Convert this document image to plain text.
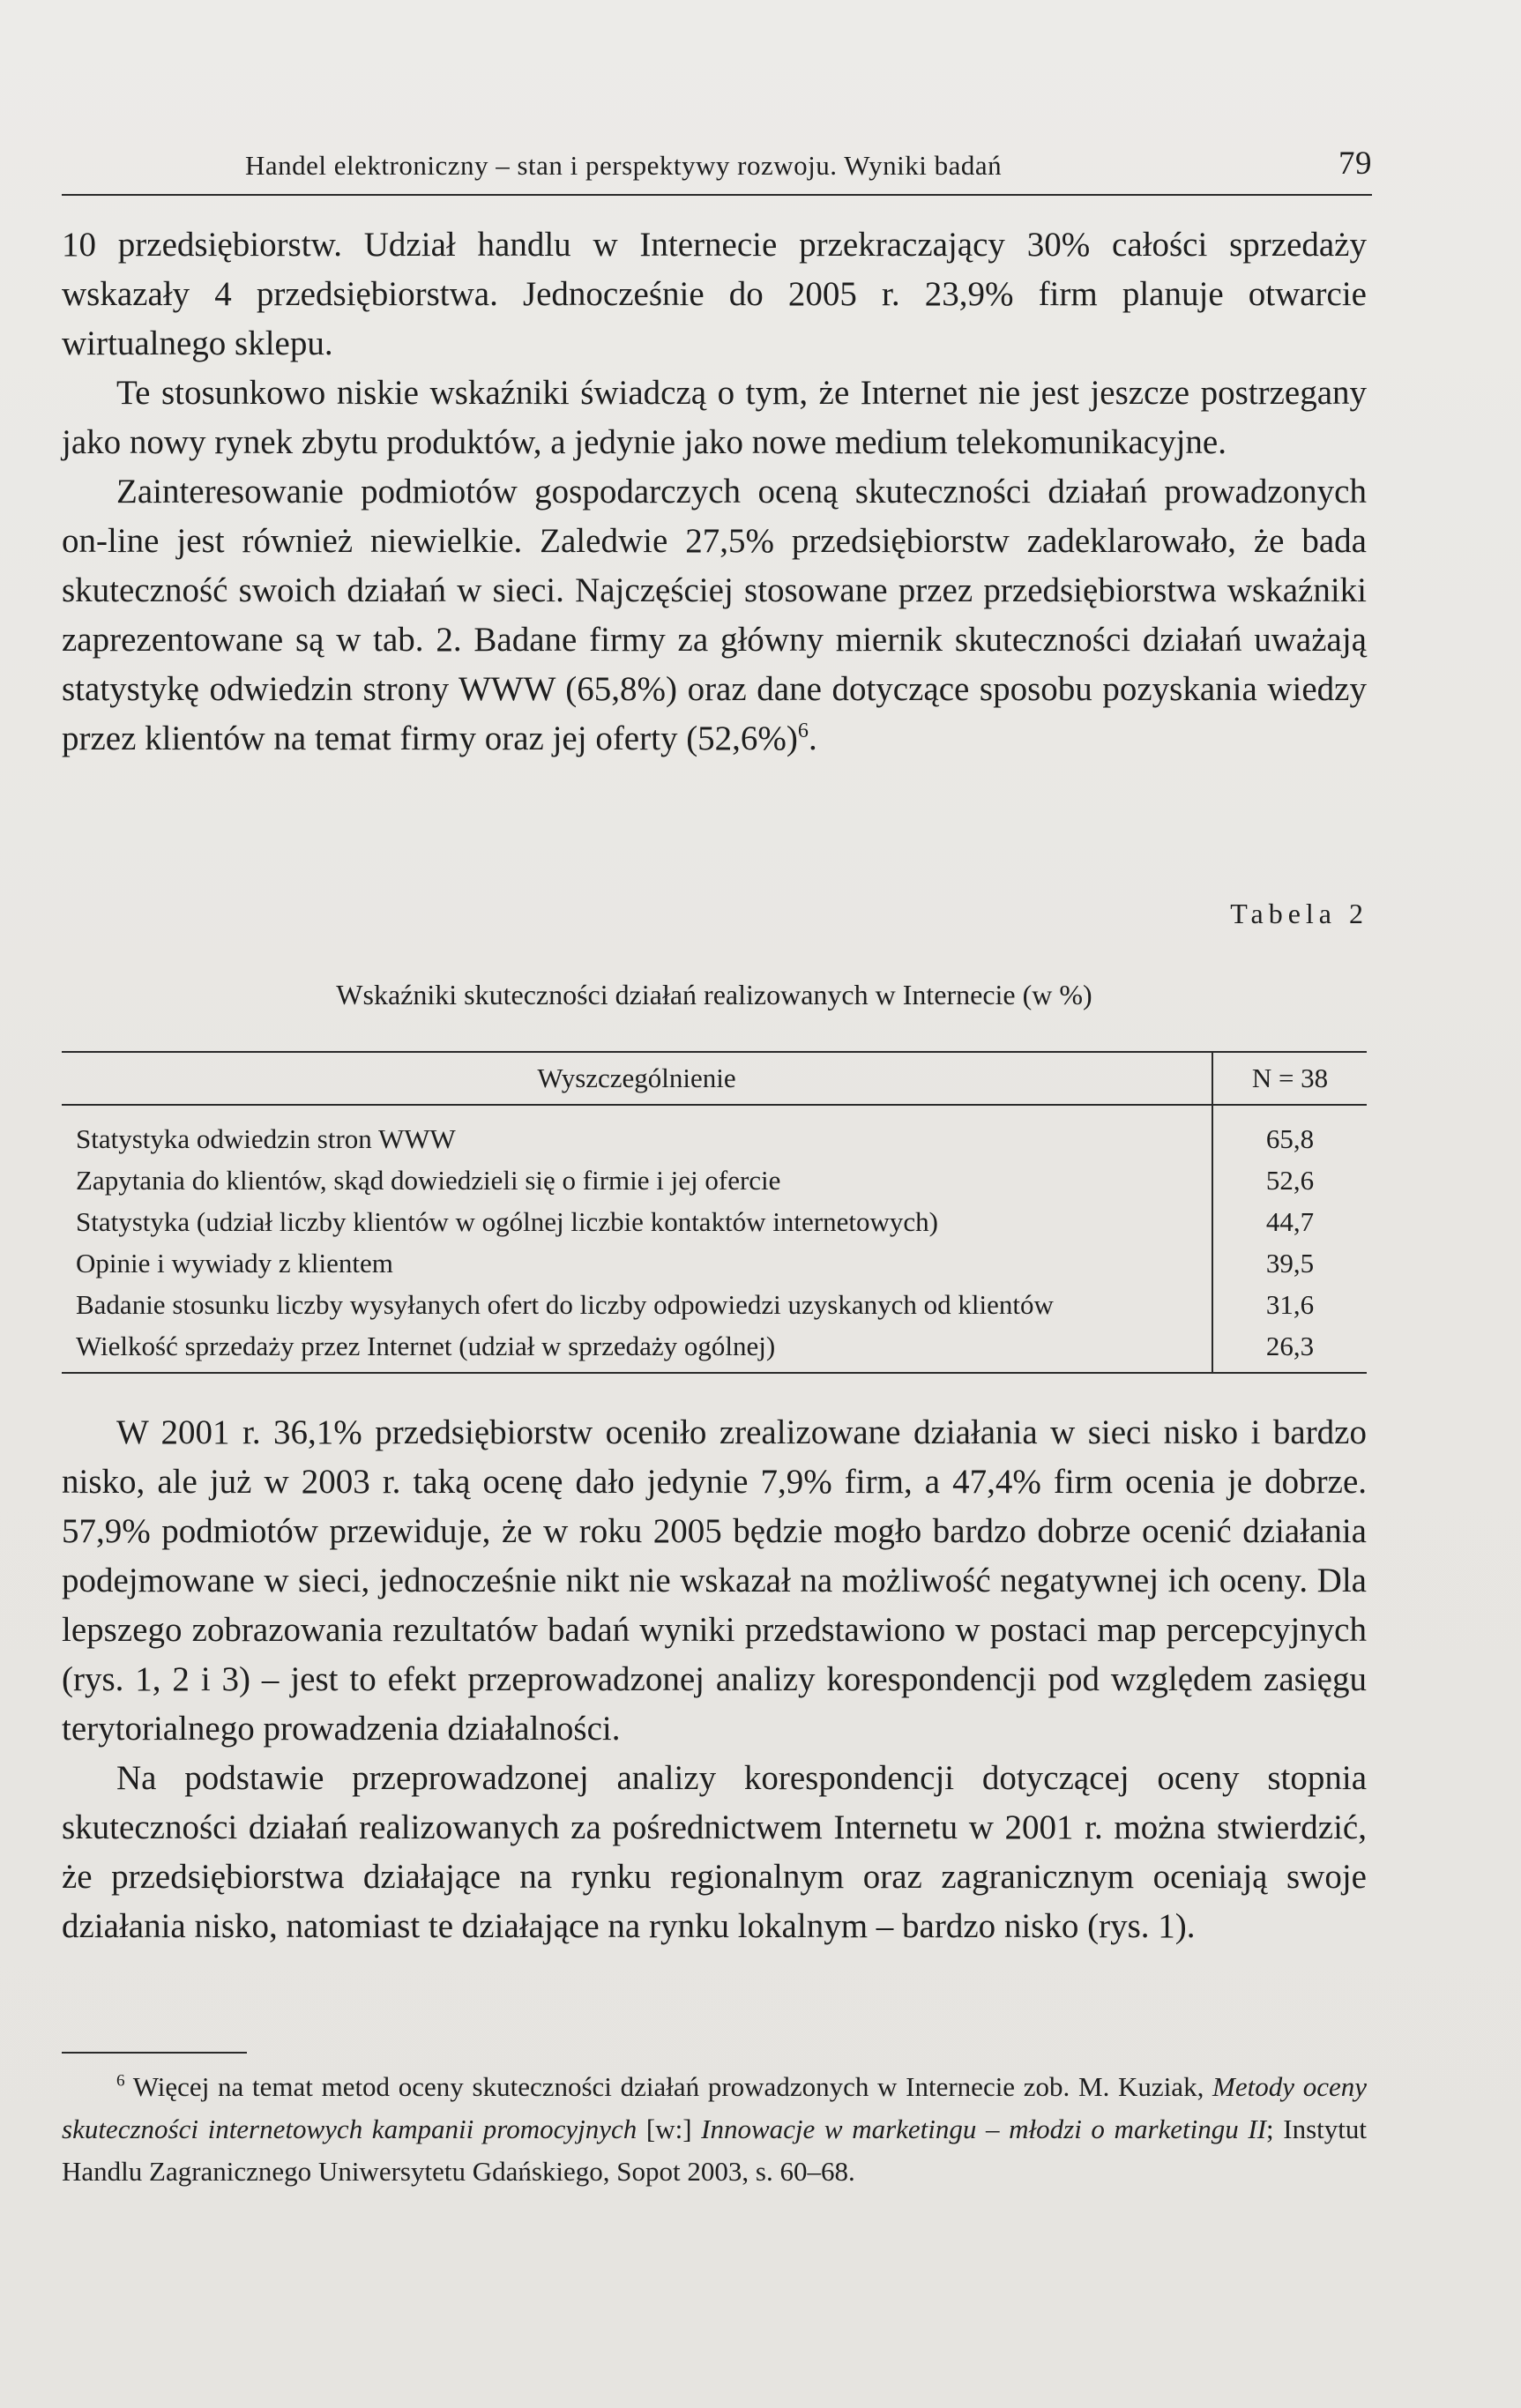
Handel elektroniczny – stan i perspektywy rozwoju. Wyniki badań	79

10 przedsiębiorstw. Udział handlu w Internecie przekraczający 30% całości sprzedaży wskazały 4 przedsiębiorstwa. Jednocześnie do 2005 r. 23,9% firm planuje otwarcie wirtualnego sklepu.

Te stosunkowo niskie wskaźniki świadczą o tym, że Internet nie jest jeszcze postrzegany jako nowy rynek zbytu produktów, a jedynie jako nowe medium telekomunikacyjne.

Zainteresowanie podmiotów gospodarczych oceną skuteczności działań prowadzonych on-line jest również niewielkie. Zaledwie 27,5% przedsiębiorstw zadeklarowało, że bada skuteczność swoich działań w sieci. Najczęściej stosowane przez przedsiębiorstwa wskaźniki zaprezentowane są w tab. 2. Badane firmy za główny miernik skuteczności działań uważają statystykę odwiedzin strony WWW (65,8%) oraz dane dotyczące sposobu pozyskania wiedzy przez klientów na temat firmy oraz jej oferty $(52,6\%)^6$.

Tabela 2
Wskaźniki skuteczności działań realizowanych w Internecie (w %)
Wyszczególnienie	N = 38
Statystyka odwiedzin stron WWW	65,8
Zapytania do klientów, skąd dowiedzieli się o firmie i jej ofercie	52,6
Statystyka (udział liczby klientów w ogólnej liczbie kontaktów internetowych)	44,7
Opinie i wywiady z klientem	39,5
Badanie stosunku liczby wysyłanych ofert do liczby odpowiedzi uzyskanych od klientów	31,6
Wielkość sprzedaży przez Internet (udział w sprzedaży ogólnej)	26,3

W 2001 r. 36,1% przedsiębiorstw oceniło zrealizowane działania w sieci nisko i bardzo nisko, ale już w 2003 r. taką ocenę dało jedynie 7,9% firm, a 47,4% firm ocenia je dobrze. 57,9% podmiotów przewiduje, że w roku 2005 będzie mogło bardzo dobrze ocenić działania podejmowane w sieci, jednocześnie nikt nie wskazał na możliwość negatywnej ich oceny. Dla lepszego zobrazowania rezultatów badań wyniki przedstawiono w postaci map percepcyjnych (rys. 1, 2 i 3) – jest to efekt przeprowadzonej analizy korespondencji pod względem zasięgu terytorialnego prowadzenia działalności.

Na podstawie przeprowadzonej analizy korespondencji dotyczącej oceny stopnia skuteczności działań realizowanych za pośrednictwem Internetu w 2001 r. można stwierdzić, że przedsiębiorstwa działające na rynku regionalnym oraz zagranicznym oceniają swoje działania nisko, natomiast te działające na rynku lokalnym – bardzo nisko (rys. 1).

$^6$ Więcej na temat metod oceny skuteczności działań prowadzonych w Internecie zob. M. Kuziak, Metody oceny skuteczności internetowych kampanii promocyjnych [w:] Innowacje w marketingu – młodzi o marketingu II; Instytut Handlu Zagranicznego Uniwersytetu Gdańskiego, Sopot 2003, s. 60–68.
